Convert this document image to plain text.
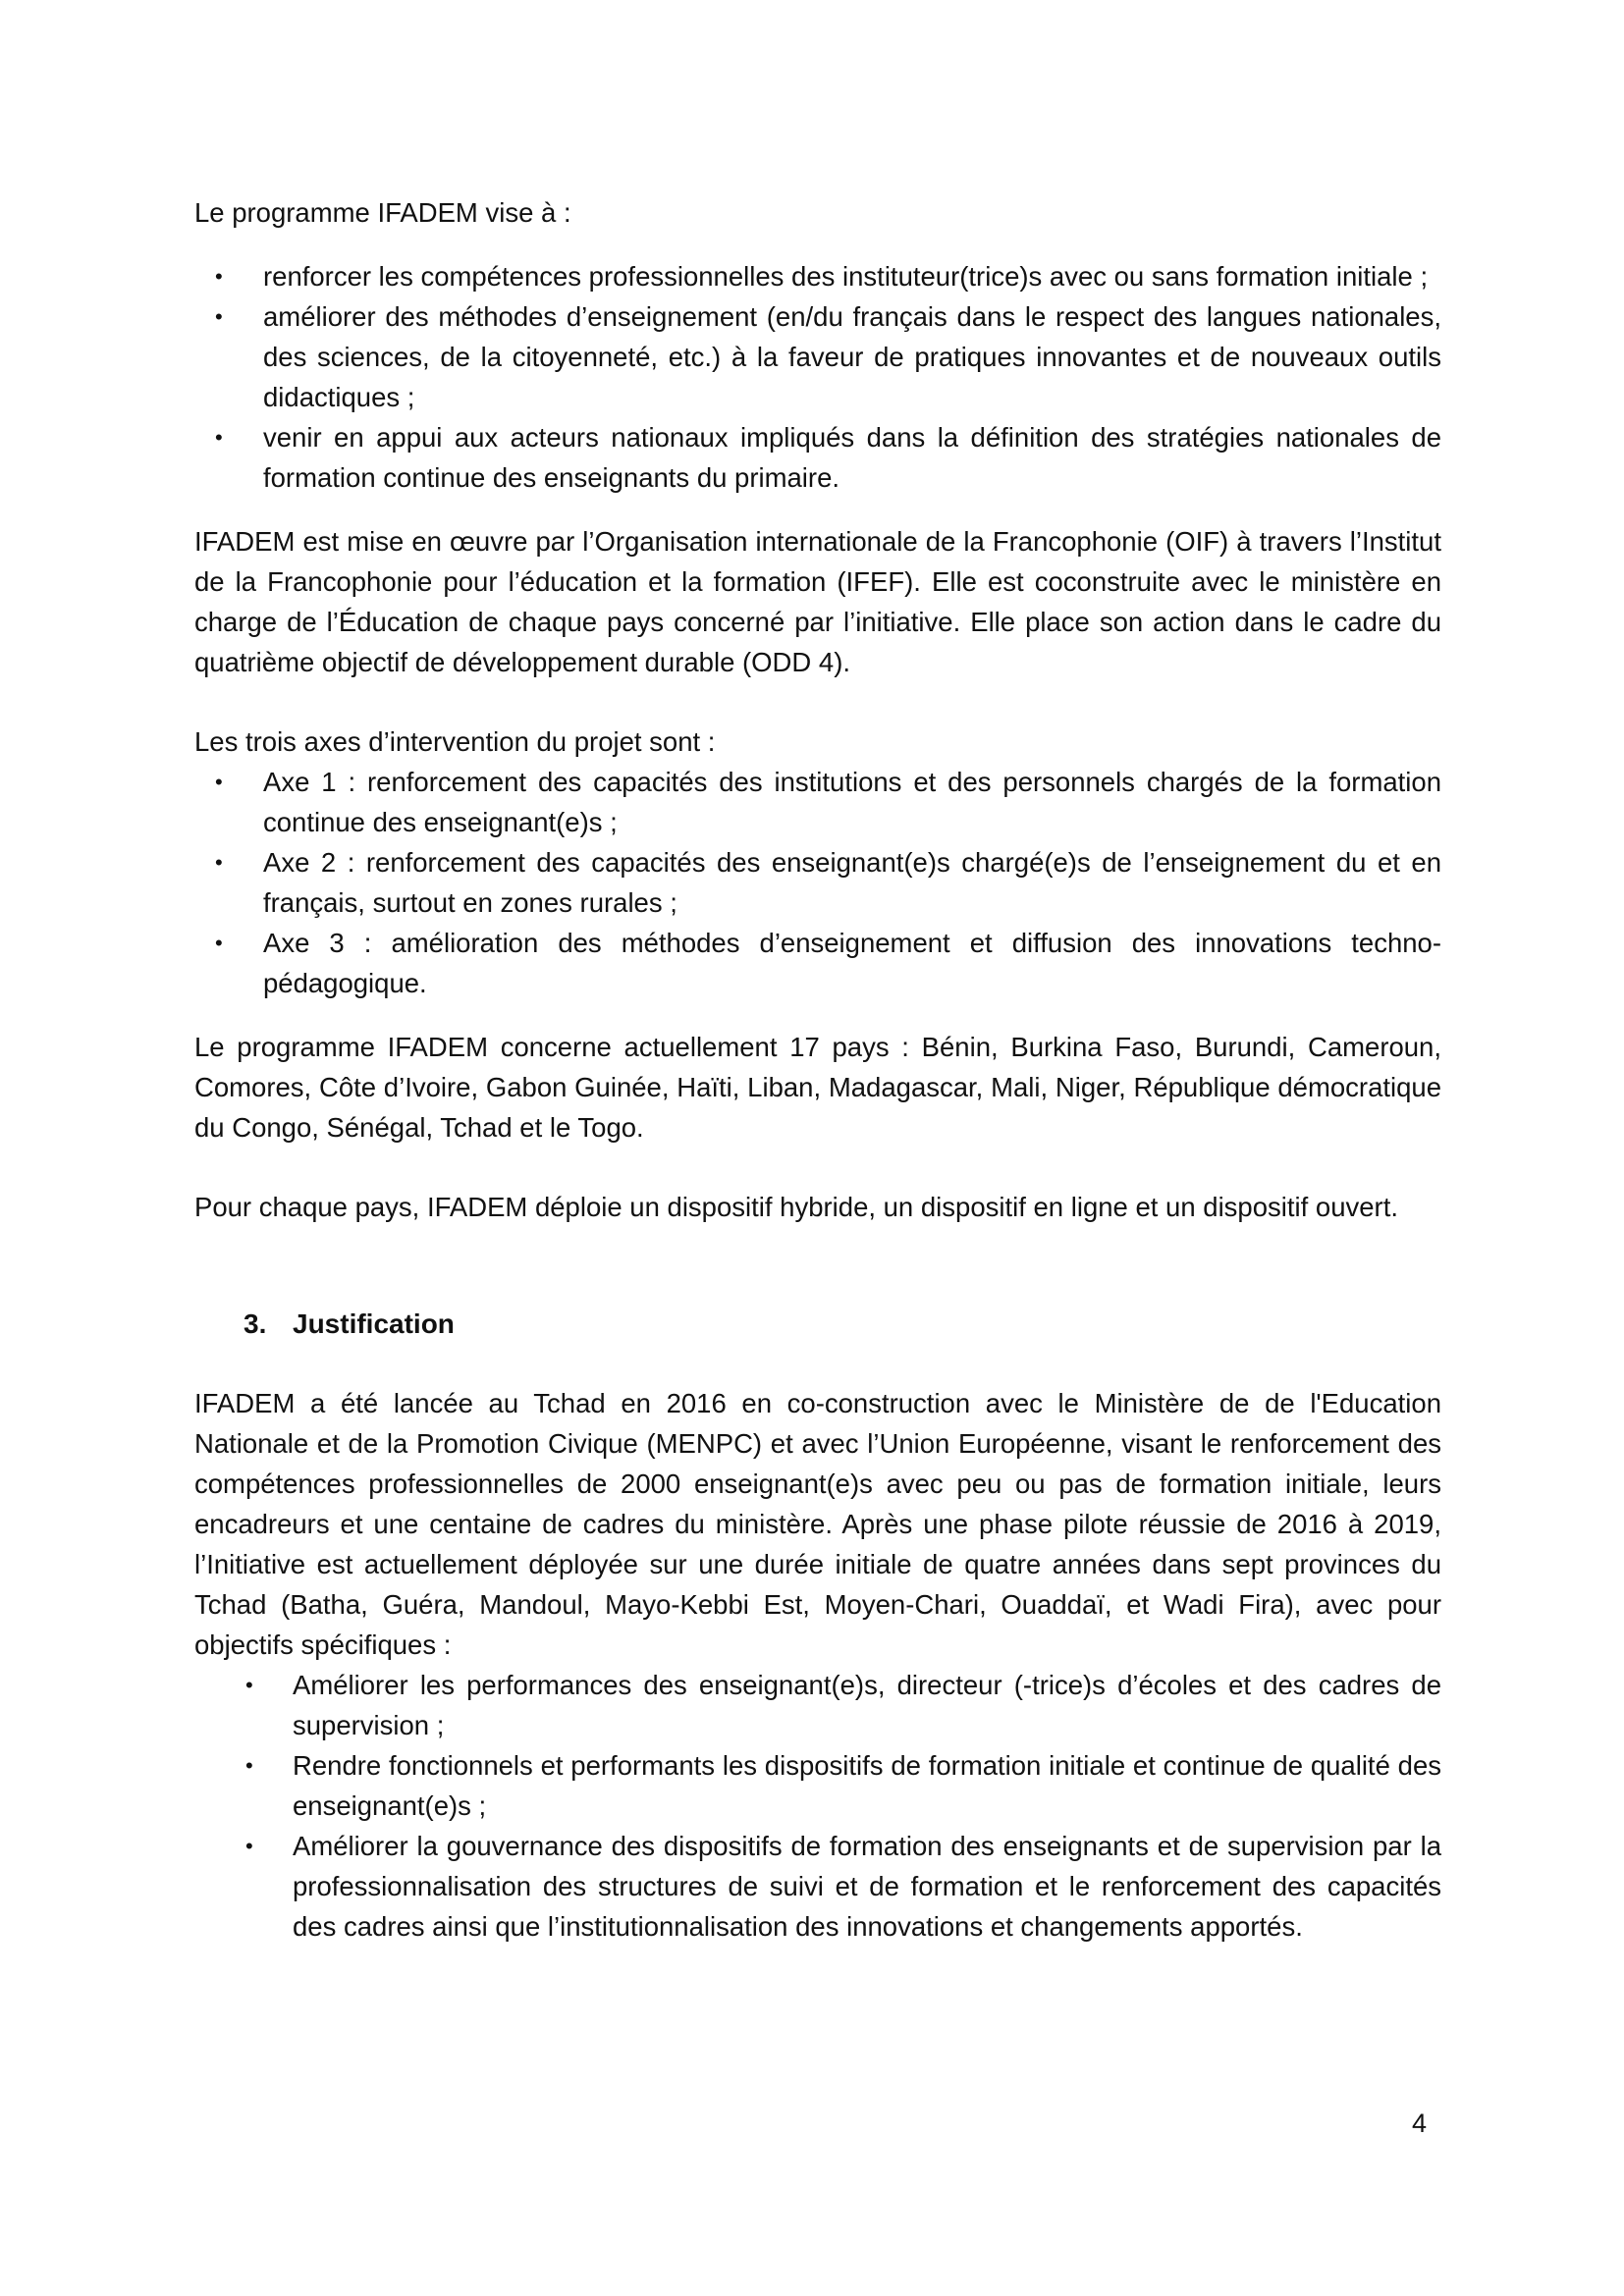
Le programme IFADEM vise à :

• renforcer les compétences professionnelles des instituteur(trice)s avec ou sans formation initiale ;
• améliorer des méthodes d’enseignement (en/du français dans le respect des langues nationales, des sciences, de la citoyenneté, etc.) à la faveur de pratiques innovantes et de nouveaux outils didactiques ;
• venir en appui aux acteurs nationaux impliqués dans la définition des stratégies nationales de formation continue des enseignants du primaire.

IFADEM est mise en œuvre par l’Organisation internationale de la Francophonie (OIF) à travers l’Institut de la Francophonie pour l’éducation et la formation (IFEF). Elle est coconstruite avec le ministère en charge de l’Éducation de chaque pays concerné par l’initiative. Elle place son action dans le cadre du quatrième objectif de développement durable (ODD 4).

Les trois axes d’intervention du projet sont :

• Axe 1 : renforcement des capacités des institutions et des personnels chargés de la formation continue des enseignant(e)s ;
• Axe 2 : renforcement des capacités des enseignant(e)s chargé(e)s de l’enseignement du et en français, surtout en zones rurales ;
• Axe 3 : amélioration des méthodes d’enseignement et diffusion des innovations techno-pédagogique.

Le programme IFADEM concerne actuellement 17 pays : Bénin, Burkina Faso, Burundi, Cameroun, Comores, Côte d’Ivoire, Gabon Guinée, Haïti, Liban, Madagascar, Mali, Niger, République démocratique du Congo, Sénégal, Tchad et le Togo.

Pour chaque pays, IFADEM déploie un dispositif hybride, un dispositif en ligne et un dispositif ouvert.

3. Justification

IFADEM a été lancée au Tchad en 2016 en co-construction avec le Ministère de de l'Education Nationale et de la Promotion Civique (MENPC) et avec l’Union Européenne, visant le renforcement des compétences professionnelles de 2000 enseignant(e)s avec peu ou pas de formation initiale, leurs encadreurs et une centaine de cadres du ministère. Après une phase pilote réussie de 2016 à 2019, l’Initiative est actuellement déployée sur une durée initiale de quatre années dans sept provinces du Tchad (Batha, Guéra, Mandoul, Mayo-Kebbi Est, Moyen-Chari, Ouaddaï, et Wadi Fira), avec pour objectifs spécifiques :

• Améliorer les performances des enseignant(e)s, directeur (-trice)s d’écoles et des cadres de supervision ;
• Rendre fonctionnels et performants les dispositifs de formation initiale et continue de qualité des enseignant(e)s ;
• Améliorer la gouvernance des dispositifs de formation des enseignants et de supervision par la professionnalisation des structures de suivi et de formation et le renforcement des capacités des cadres ainsi que l’institutionnalisation des innovations et changements apportés.
4
